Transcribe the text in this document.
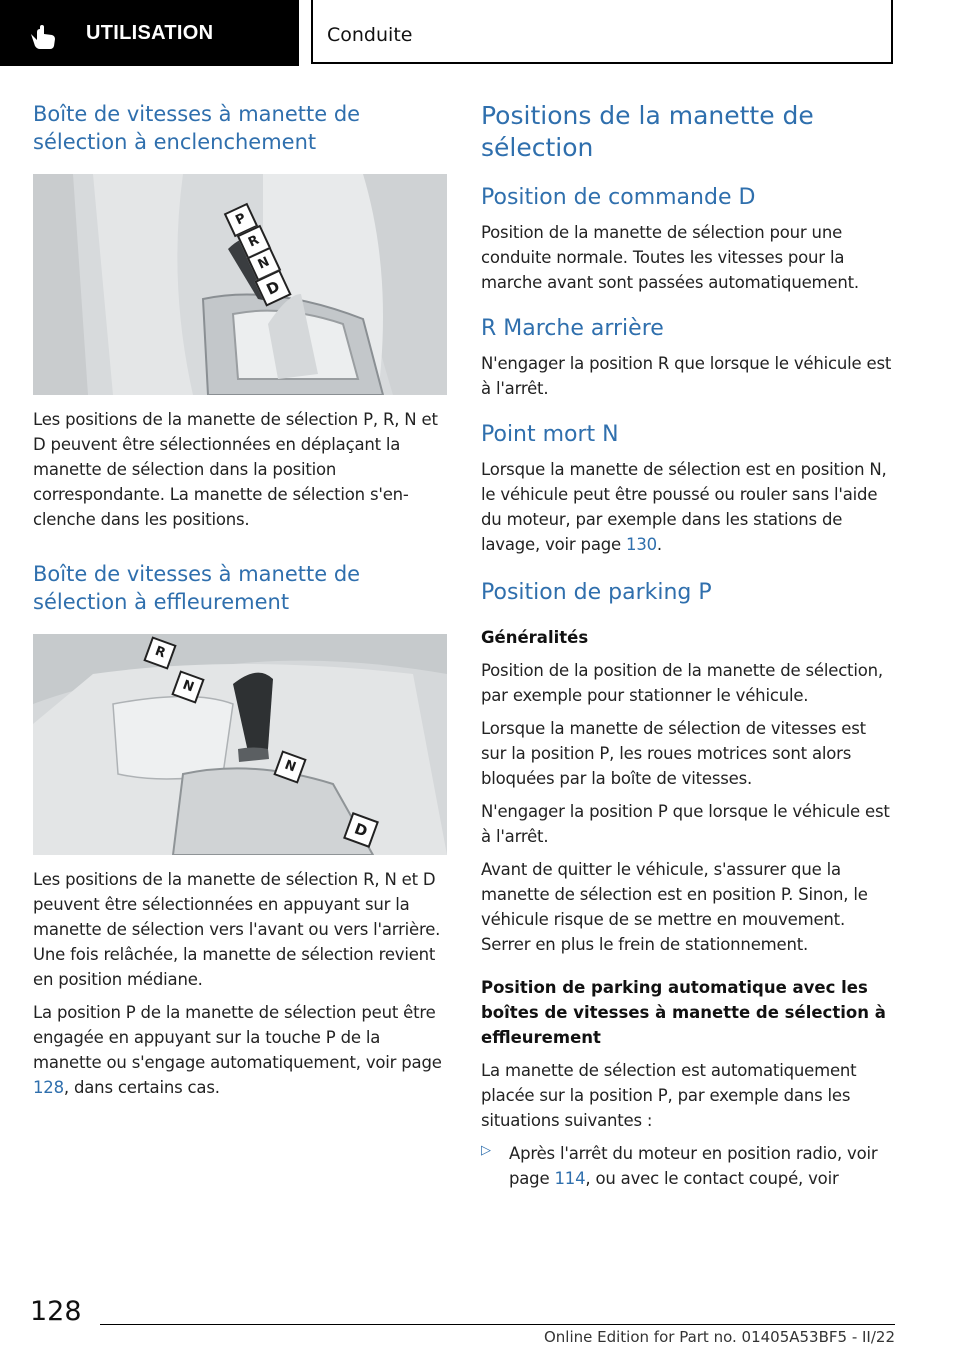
UTILISATION	Conduite
Boîte de vitesses à manette de sélection à enclenchement
P
R
N
D

Les positions de la manette de sélection P, R, N et D peuvent être sélectionnées en déplaçant la manette de sélection dans la position correspondante. La manette de sélection s'enclenche dans les positions.

Boîte de vitesses à manette de sélection à effleurement
R
N
N
D

Les positions de la manette de sélection R, N et D peuvent être sélectionnées en appuyant sur la manette de sélection vers l'avant ou vers l'arrière. Une fois relâchée, la manette de sélection revient en position médiane.

La position P de la manette de sélection peut être engagée en appuyant sur la touche P de la manette ou s'engage automatiquement, voir page 128, dans certains cas.

Positions de la manette de sélection
Position de commande D

Position de la manette de sélection pour une conduite normale. Toutes les vitesses pour la marche avant sont passées automatiquement.

R Marche arrière

N'engager la position R que lorsque le véhicule est à l'arrêt.

Point mort N

Lorsque la manette de sélection est en position N, le véhicule peut être poussé ou rouler sans l'aide du moteur, par exemple dans les stations de lavage, voir page 130.

Position de parking P
Généralités

Position de la position de la manette de sélection, par exemple pour stationner le véhicule.

Lorsque la manette de sélection de vitesses est sur la position P, les roues motrices sont alors bloquées par la boîte de vitesses.

N'engager la position P que lorsque le véhicule est à l'arrêt.

Avant de quitter le véhicule, s'assurer que la manette de sélection est en position P. Sinon, le véhicule risque de se mettre en mouvement. Serrer en plus le frein de stationnement.

Position de parking automatique avec les boîtes de vitesses à manette de sélection à effleurement

La manette de sélection est automatiquement placée sur la position P, par exemple dans les situations suivantes :

▷	Après l'arrêt du moteur en position radio, voir page 114, ou avec le contact coupé, voir

128
Online Edition for Part no. 01405A53BF5 - II/22
